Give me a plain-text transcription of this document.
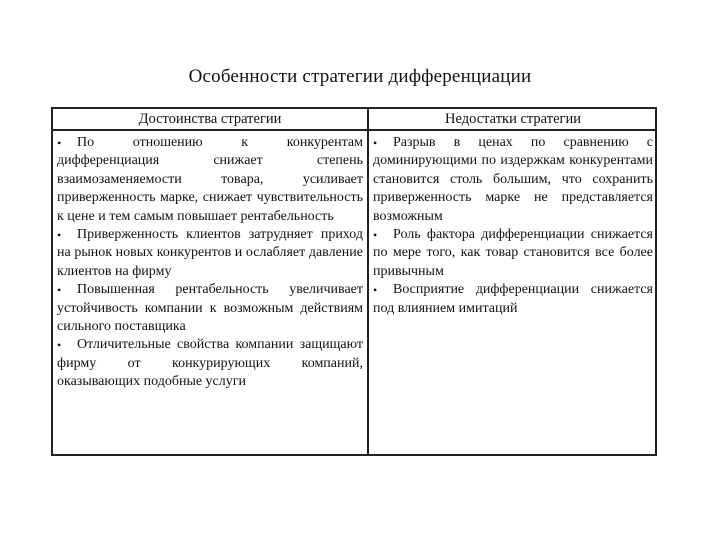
Особенности стратегии дифференциации
Достоинства стратегии	Недостатки стратегии

• По отношению к конкурентам дифференциация снижает степень взаимозаменяемости товара, усиливает приверженность марке, снижает чувствительность к цене и тем самым повышает рентабельность

• Приверженность клиентов затрудняет приход на рынок новых конкурентов и ослабляет давление клиентов на фирму

• Повышенная рентабельность увеличивает устойчивость компании к возможным действиям сильного поставщика

• Отличительные свойства компании защищают фирму от конкурирующих компаний, оказывающих подобные услуги

• Разрыв в ценах по сравнению с доминирующими по издержкам конкурентами становится столь большим, что сохранить приверженность марке не представляется возможным

• Роль фактора дифференциации снижается по мере того, как товар становится все более привычным

• Восприятие дифференциации снижается под влиянием имитаций
